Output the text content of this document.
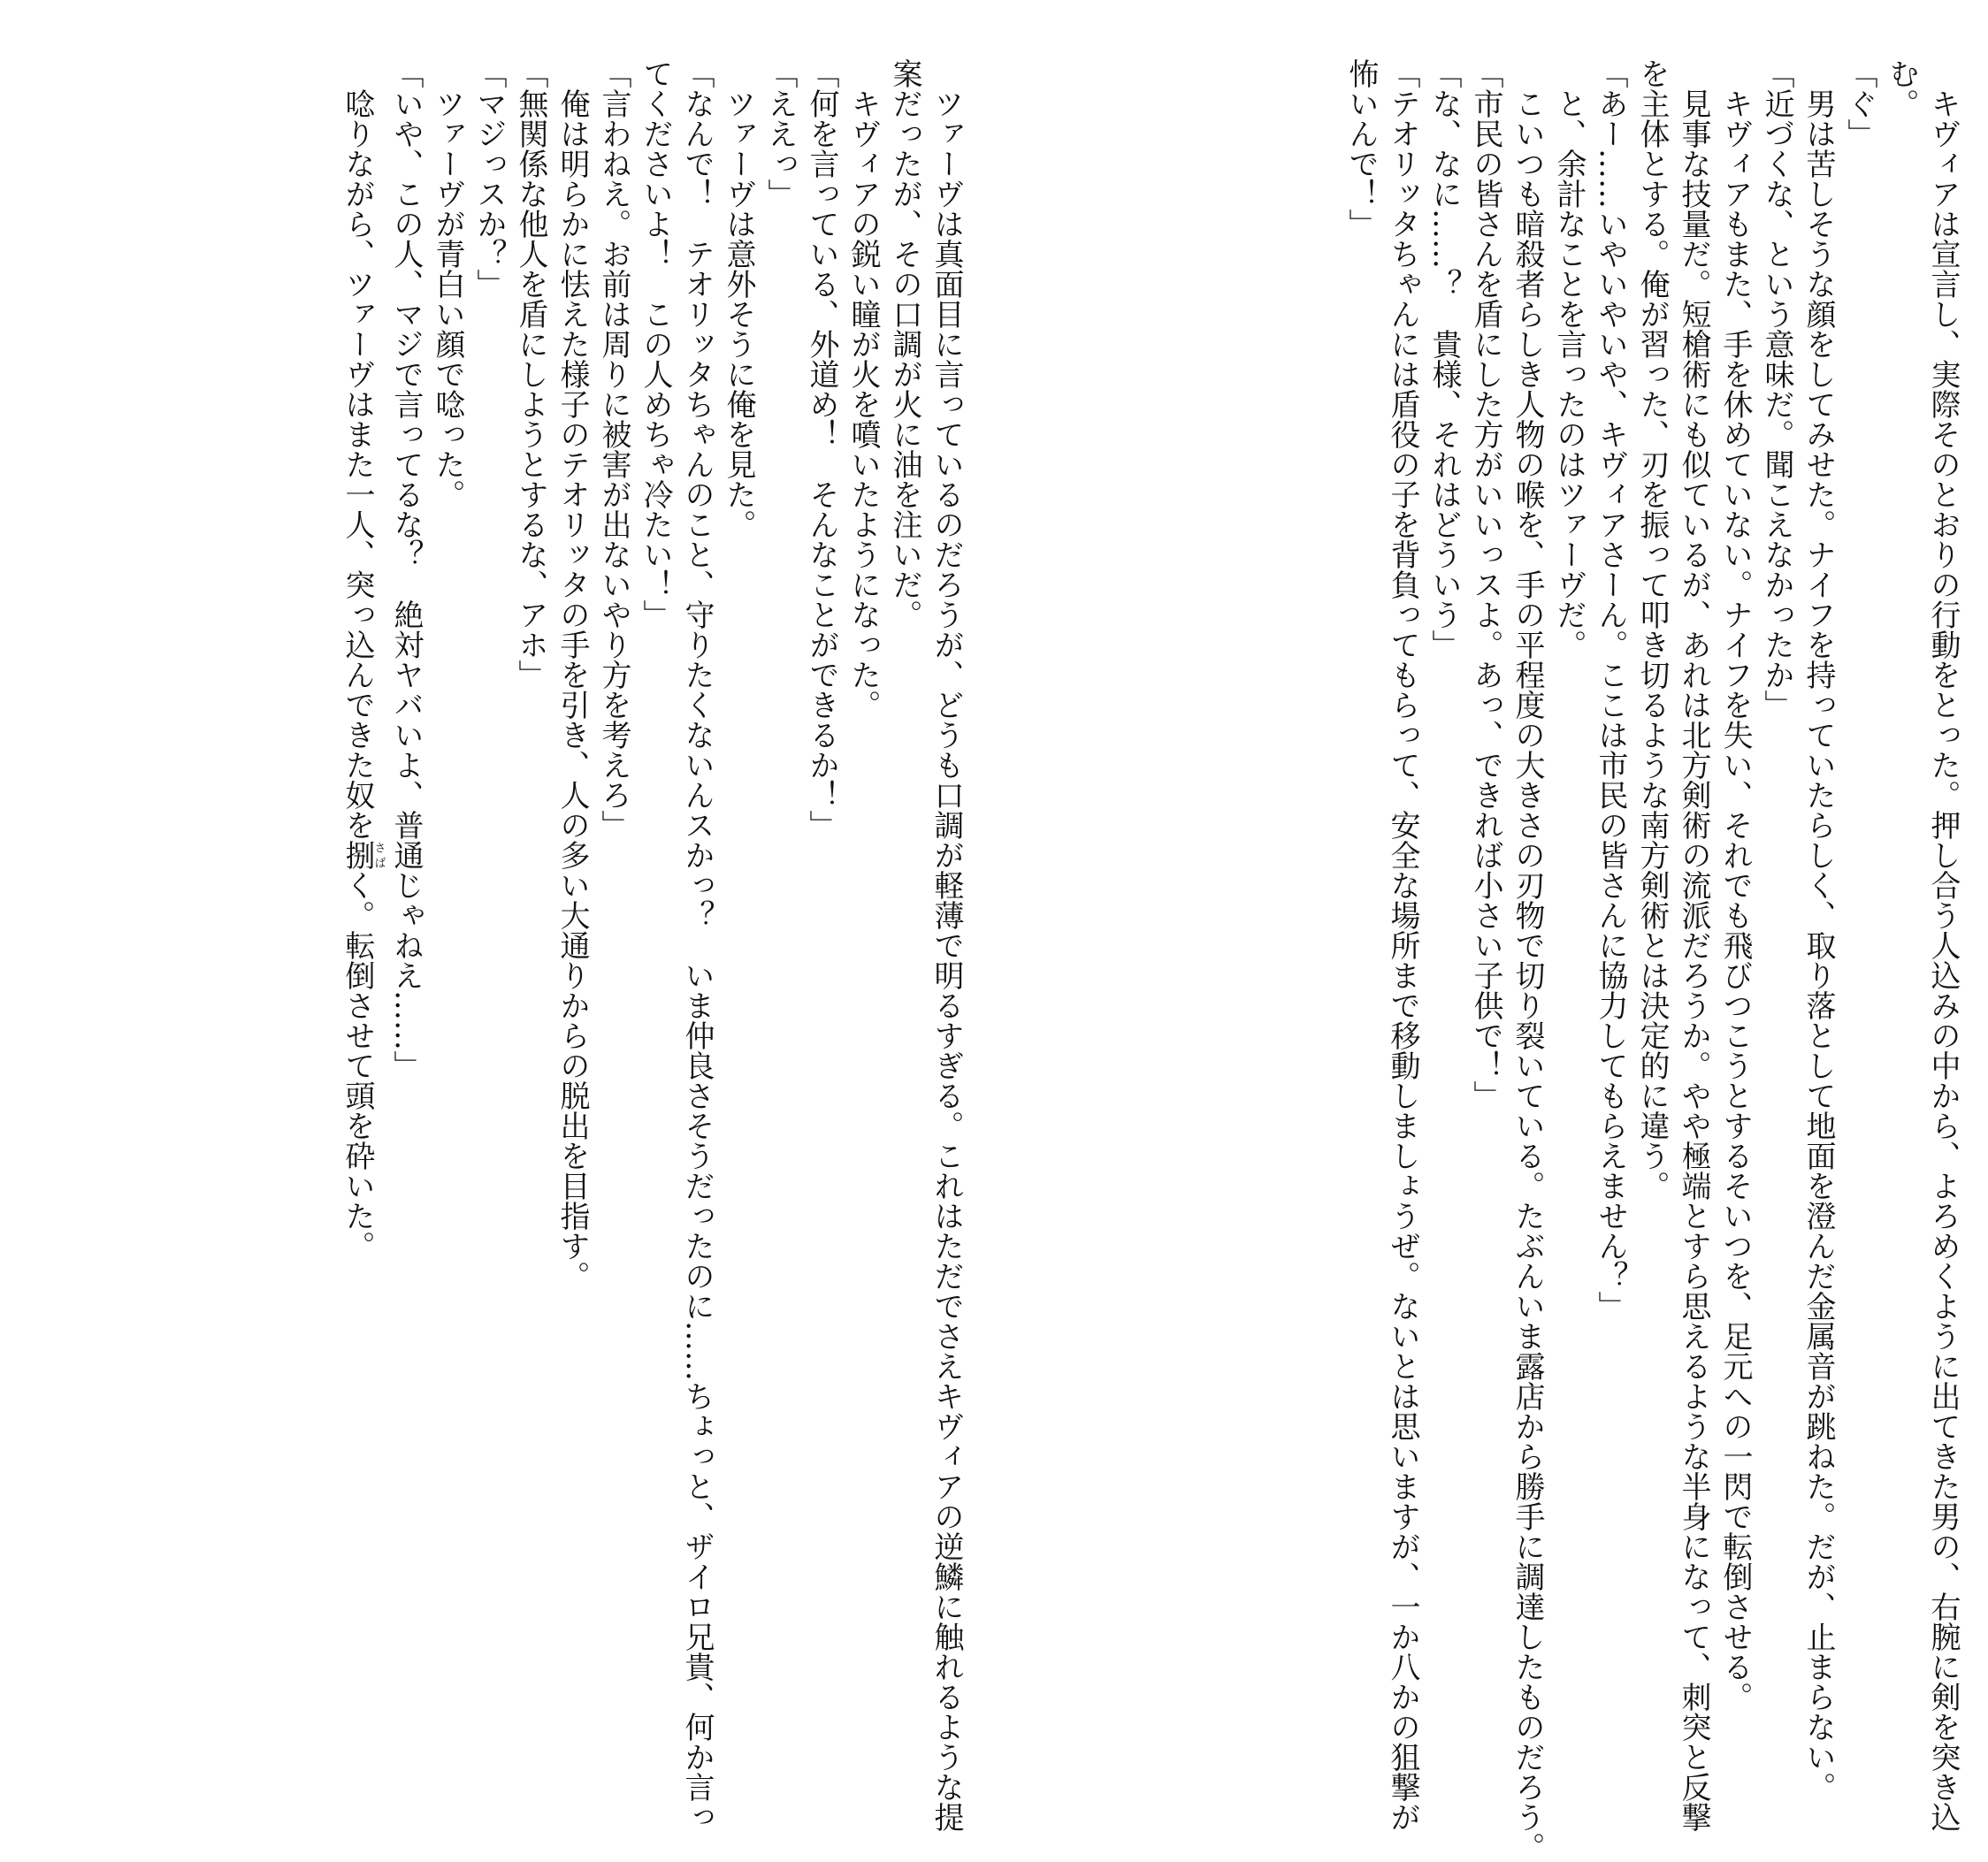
　キヴィアは宣言し、実際そのとおりの行動をとった。押し合う人込みの中から、よろめくように出てきた男の、右腕に剣を突き込
む。
「ぐ」
　男は苦しそうな顔をしてみせた。ナイフを持っていたらしく、取り落として地面を澄んだ金属音が跳ねた。だが、止まらない。
「近づくな、という意味だ。聞こえなかったか」
　キヴィアもまた、手を休めていない。ナイフを失い、それでも飛びつこうとするそいつを、足元への一閃で転倒させる。
　見事な技量だ。短槍術にも似ているが、あれは北方剣術の流派だろうか。やや極端とすら思えるような半身になって、刺突と反撃
を主体とする。俺が習った、刃を振って叩き切るような南方剣術とは決定的に違う。
「あー……いやいやいや、キヴィアさーん。ここは市民の皆さんに協力してもらえません？」
　と、余計なことを言ったのはツァーヴだ。
　こいつも暗殺者らしき人物の喉を、手の平程度の大きさの刃物で切り裂いている。たぶんいま露店から勝手に調達したものだろう。
「市民の皆さんを盾にした方がいいっスよ。あっ、できれば小さい子供で！」
「な、なに……？　貴様、それはどういう」
「テオリッタちゃんには盾役の子を背負ってもらって、安全な場所まで移動しましょうぜ。ないとは思いますが、一か八かの狙撃が
怖いんで！」
　ツァーヴは真面目に言っているのだろうが、どうも口調が軽薄で明るすぎる。これはただでさえキヴィアの逆鱗に触れるような提
案だったが、その口調が火に油を注いだ。
　キヴィアの鋭い瞳が火を噴いたようになった。
「何を言っている、外道め！　そんなことができるか！」
「ええっ」
　ツァーヴは意外そうに俺を見た。
「なんで！　テオリッタちゃんのこと、守りたくないんスかっ？　いま仲良さそうだったのに……ちょっと、ザイロ兄貴、何か言っ
てくださいよ！　この人めちゃ冷たい！」
「言わねえ。お前は周りに被害が出ないやり方を考えろ」
　俺は明らかに怯えた様子のテオリッタの手を引き、人の多い大通りからの脱出を目指す。
「無関係な他人を盾にしようとするな、アホ」
「マジっスか？」
　ツァーヴが青白い顔で唸った。
「いや、この人、マジで言ってるな？　絶対ヤバいよ、普通じゃねえ……」
　唸りながら、ツァーヴはまた一人、突っ込んできた奴を捌さばく。転倒させて頭を砕いた。
